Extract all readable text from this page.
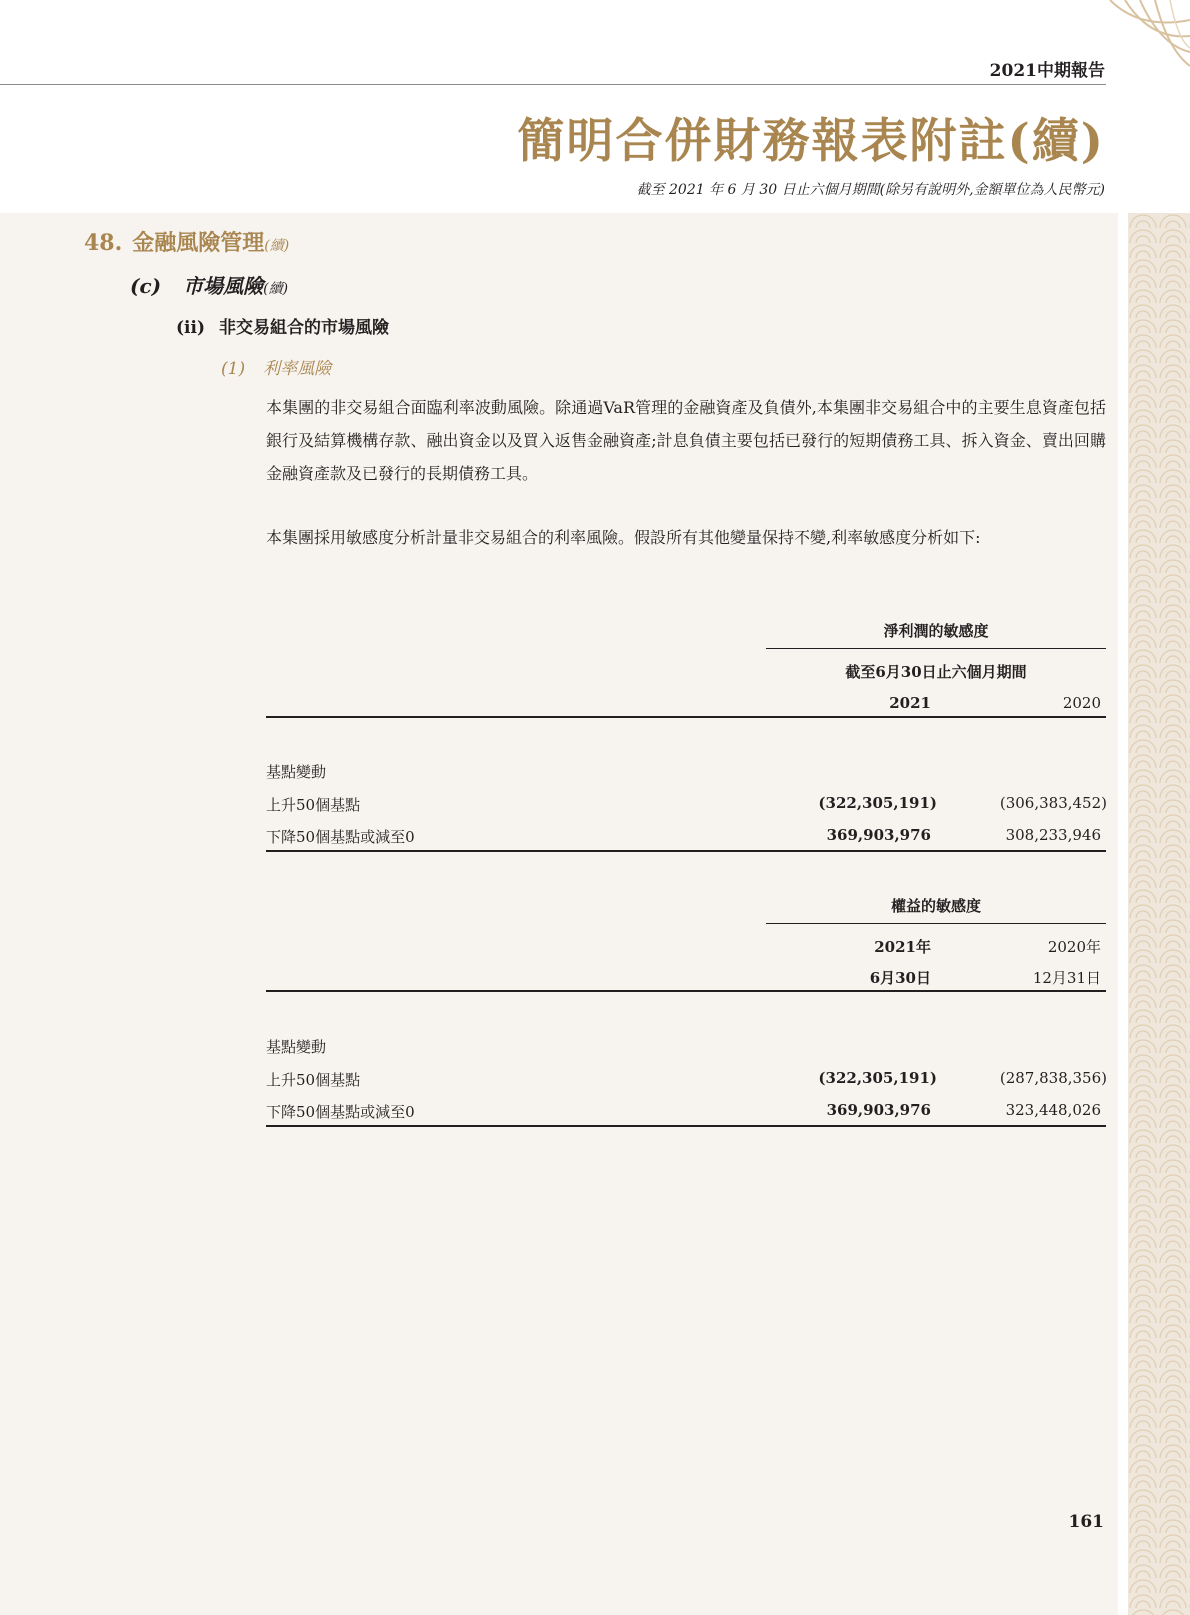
2021中期報告
簡明合併財務報表附註(續)
截至 2021 年 6 月 30 日止六個月期間(除另有說明外,金額單位為人民幣元)
48. 金融風險管理(續)
(c) 市場風險(續)
(ii) 非交易組合的市場風險
(1) 利率風險
本集團的非交易組合面臨利率波動風險。除通過VaR管理的金融資產及負債外,本集團非交易組合中的主要生息資產包括銀行及結算機構存款、融出資金以及買入返售金融資產;計息負債主要包括已發行的短期債務工具、拆入資金、賣出回購金融資產款及已發行的長期債務工具。
本集團採用敏感度分析計量非交易組合的利率風險。假設所有其他變量保持不變,利率敏感度分析如下:
淨利潤的敏感度
截至6月30日止六個月期間
2021	2020
基點變動
上升50個基點	(322,305,191)	(306,383,452)
下降50個基點或減至0	369,903,976	308,233,946
權益的敏感度
2021年	2020年
6月30日	12月31日
基點變動
上升50個基點	(322,305,191)	(287,838,356)
下降50個基點或減至0	369,903,976	323,448,026
161
